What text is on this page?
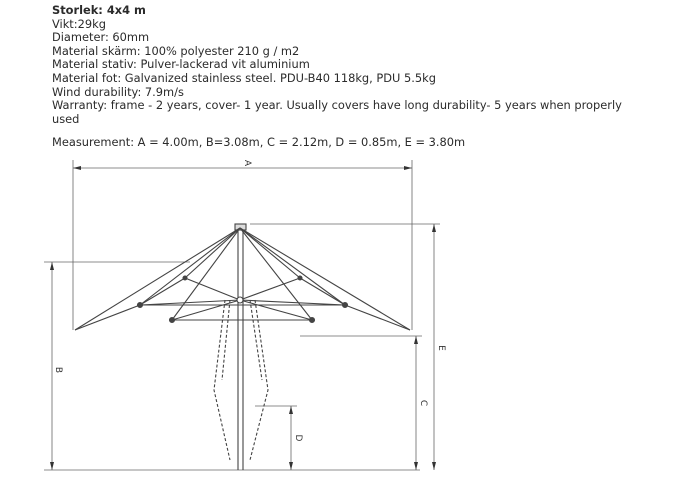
Storlek: 4x4 m
Vikt:29kg
Diameter: 60mm
Material skärm: 100% polyester 210 g / m2
Material stativ: Pulver-lackerad vit aluminium
Material fot: Galvanized stainless steel. PDU-B40 118kg, PDU 5.5kg
Wind durability: 7.9m/s
Warranty: frame - 2 years, cover- 1 year. Usually covers have long durability- 5 years when properly used
Measurement: A = 4.00m, B=3.08m, C = 2.12m, D = 0.85m, E = 3.80m
A
B
E
C
D
